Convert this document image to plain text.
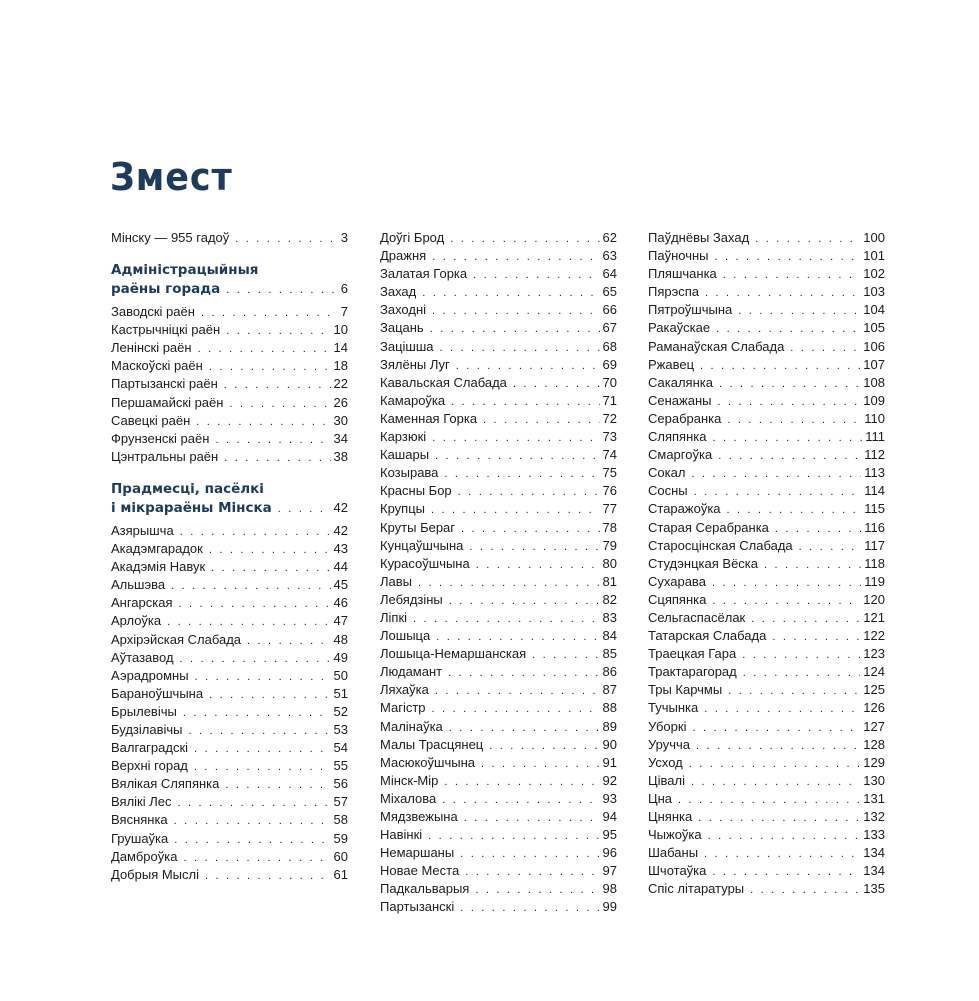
Змест
Мінску — 955 гадоў . . .	3
Адміністрацыйныя
раёны горада . . .	6
Заводскі раён . . .	7
Кастрычніцкі раён . . .	10
Ленінскі раён . . .	14
Маскоўскі раён . . .	18
Партызанскі раён . . .	22
Першамайскі раён . . .	26
Савецкі раён . . .	30
Фрунзенскі раён . . .	34
Цэнтральны раён . . .	38
Прадмесці, пасёлкі
і мікрараёны Мінска . . .	42
Азярышча . . .	42
Акадэмгарадок . . .	43
Акадэмія Навук . . .	44
Альшэва . . .	45
Ангарская . . .	46
Арлоўка . . .	47
Архірэйская Слабада . . .	48
Аўтазавод . . .	49
Аэрадромны . . .	50
Бараноўшчына . . .	51
Брылевічы . . .	52
Будзілавічы . . .	53
Валгаградскі . . .	54
Верхні горад . . .	55
Вялікая Сляпянка . . .	56
Вялікі Лес . . .	57
Вяснянка . . .	58
Грушаўка . . .	59
Дамброўка . . .	60
Добрыя Мыслі . . .	61
Доўгі Брод . . .	62
Дражня . . .	63
Залатая Горка . . .	64
Захад . . .	65
Заходні . . .	66
Зацань . . .	67
Зацішша . . .	68
Зялёны Луг . . .	69
Кавальская Слабада . . .	70
Камароўка . . .	71
Каменная Горка . . .	72
Карзюкі . . .	73
Кашары . . .	74
Козырава . . .	75
Красны Бор . . .	76
Крупцы . . .	77
Круты Бераг . . .	78
Кунцаўшчына . . .	79
Курасоўшчына . . .	80
Лавы . . .	81
Лебядзіны . . .	82
Ліпкі . . .	83
Лошыца . . .	84
Лошыца-Немаршанская . . .	85
Людамант . . .	86
Ляхаўка . . .	87
Магістр . . .	88
Малінаўка . . .	89
Малы Трасцянец . . .	90
Масюкоўшчына . . .	91
Мінск-Мір . . .	92
Міхалова . . .	93
Мядзвежына . . .	94
Навінкі . . .	95
Немаршаны . . .	96
Новае Места . . .	97
Падкальварыя . . .	98
Партызанскі . . .	99
Паўднёвы Захад . . .	100
Паўночны . . .	101
Пляшчанка . . .	102
Пярэспа . . .	103
Пятроўшчына . . .	104
Ракаўскае . . .	105
Раманаўская Слабада . . .	106
Ржавец . . .	107
Сакалянка . . .	108
Сенажаны . . .	109
Серабранка . . .	110
Сляпянка . . .	111
Смаргоўка . . .	112
Сокал . . .	113
Сосны . . .	114
Старажоўка . . .	115
Старая Серабранка . . .	116
Старосцінская Слабада . . .	117
Студэнцкая Вёска . . .	118
Сухарава . . .	119
Сцяпянка . . .	120
Сельгаспасёлак . . .	121
Татарская Слабада . . .	122
Траецкая Гара . . .	123
Трактарагорад . . .	124
Тры Карчмы . . .	125
Тучынка . . .	126
Уборкі . . .	127
Уручча . . .	128
Усход . . .	129
Цівалі . . .	130
Цна . . .	131
Цнянка . . .	132
Чыжоўка . . .	133
Шабаны . . .	134
Шчотаўка . . .	134
Спіс літаратуры . . .	135
